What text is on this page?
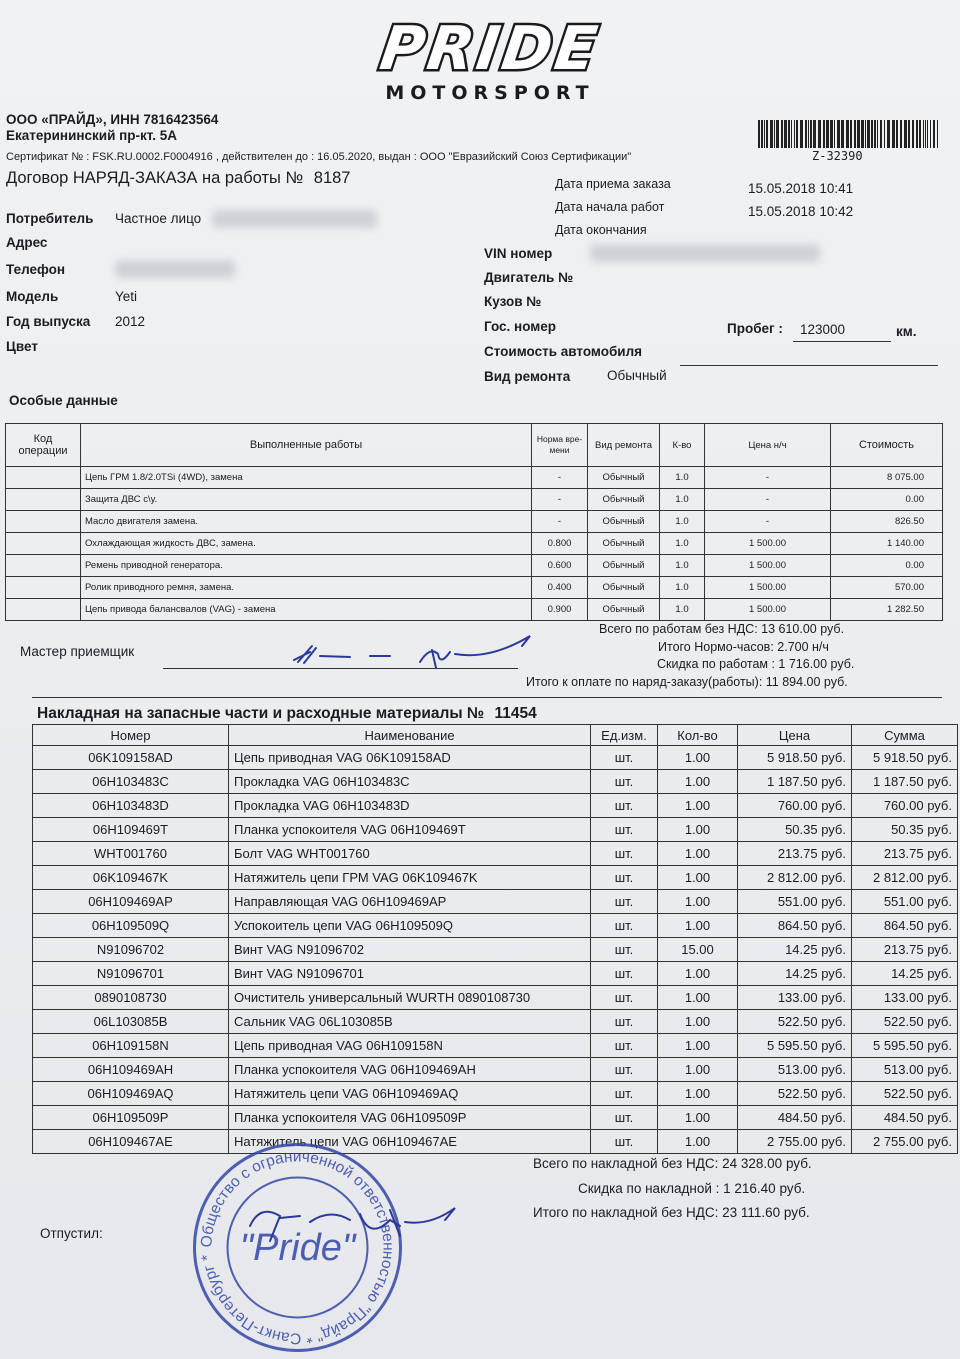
PRIDE
MOTORSPORT
ООО «ПРАЙД», ИНН 7816423564
Екатерининский пр-кт. 5А
Сертификат № : FSK.RU.0002.F0004916 , действителен до : 16.05.2020, выдан : ООО "Евразийский Союз Сертификации"	Z-32390
Договор НАРЯД-ЗАКАЗА на работы № 8187	Дата приема заказа	15.05.2018 10:41
Дата начала работ	15.05.2018 10:42
Дата окончания
Потребитель Частное лицо
Адрес
Телефон
Модель	Yeti
Год выпуска 2012
Цвет
VIN номер
Двигатель №
Кузов №
Гос. номер	Пробег : 123000	км.
Стоимость автомобиля
Вид ремонта	Обычный
Особые данные
Код операции	Выполненные работы	Норма вре- мени	Вид ремонта	К-во	Цена н/ч	Стоимость
	Цепь ГРМ 1.8/2.0TSi (4WD), замена	-	Обычный	1.0	-	8 075.00
	Защита ДВС с\у.	-	Обычный	1.0	-	0.00
	Масло двигателя замена.	-	Обычный	1.0	-	826.50
	Охлаждающая жидкость ДВС, замена.	0.800	Обычный	1.0	1 500.00	1 140.00
	Ремень приводной генератора.	0.600	Обычный	1.0	1 500.00	0.00
	Ролик приводного ремня, замена.	0.400	Обычный	1.0	1 500.00	570.00
	Цепь привода балансвалов (VAG) - замена	0.900	Обычный	1.0	1 500.00	1 282.50
Всего по работам без НДС: 13 610.00 руб.
Итого Нормо-часов: 2.700 н/ч
Скидка по работам : 1 716.00 руб.
Итого к оплате по наряд-заказу(работы): 11 894.00 руб.
Мастер приемщик
Накладная на запасные части и расходные материалы № 11454
Номер	Наименование	Ед.изм.	Кол-во	Цена	Сумма
06K109158AD	Цепь приводная VAG 06K109158AD	шт.	1.00	5 918.50 руб.	5 918.50 руб.
06H103483C	Прокладка VAG 06H103483C	шт.	1.00	1 187.50 руб.	1 187.50 руб.
06H103483D	Прокладка VAG 06H103483D	шт.	1.00	760.00 руб.	760.00 руб.
06H109469T	Планка успокоителя VAG 06H109469T	шт.	1.00	50.35 руб.	50.35 руб.
WHT001760	Болт VAG WHT001760	шт.	1.00	213.75 руб.	213.75 руб.
06K109467K	Натяжитель цепи ГРМ VAG 06K109467K	шт.	1.00	2 812.00 руб.	2 812.00 руб.
06H109469AP	Направляющая VAG 06H109469AP	шт.	1.00	551.00 руб.	551.00 руб.
06H109509Q	Успокоитель цепи VAG 06H109509Q	шт.	1.00	864.50 руб.	864.50 руб.
N91096702	Винт VAG N91096702	шт.	15.00	14.25 руб.	213.75 руб.
N91096701	Винт VAG N91096701	шт.	1.00	14.25 руб.	14.25 руб.
0890108730	Очиститель универсальный WURTH 0890108730	шт.	1.00	133.00 руб.	133.00 руб.
06L103085B	Сальник VAG 06L103085B	шт.	1.00	522.50 руб.	522.50 руб.
06H109158N	Цепь приводная VAG 06H109158N	шт.	1.00	5 595.50 руб.	5 595.50 руб.
06H109469AH	Планка успокоителя VAG 06H109469AH	шт.	1.00	513.00 руб.	513.00 руб.
06H109469AQ	Натяжитель цепи VAG 06H109469AQ	шт.	1.00	522.50 руб.	522.50 руб.
06H109509P	Планка успокоителя VAG 06H109509P	шт.	1.00	484.50 руб.	484.50 руб.
06H109467AE	Натяжитель цепи VAG 06H109467AE	шт.	1.00	2 755.00 руб.	2 755.00 руб.
Всего по накладной без НДС: 24 328.00 руб.
Скидка по накладной : 1 216.40 руб.
Итого по накладной без НДС: 23 111.60 руб.
Отпустил:
Общество с ограниченной ответственностью "Прайд" * Санкт-Петербург * "Pride"
